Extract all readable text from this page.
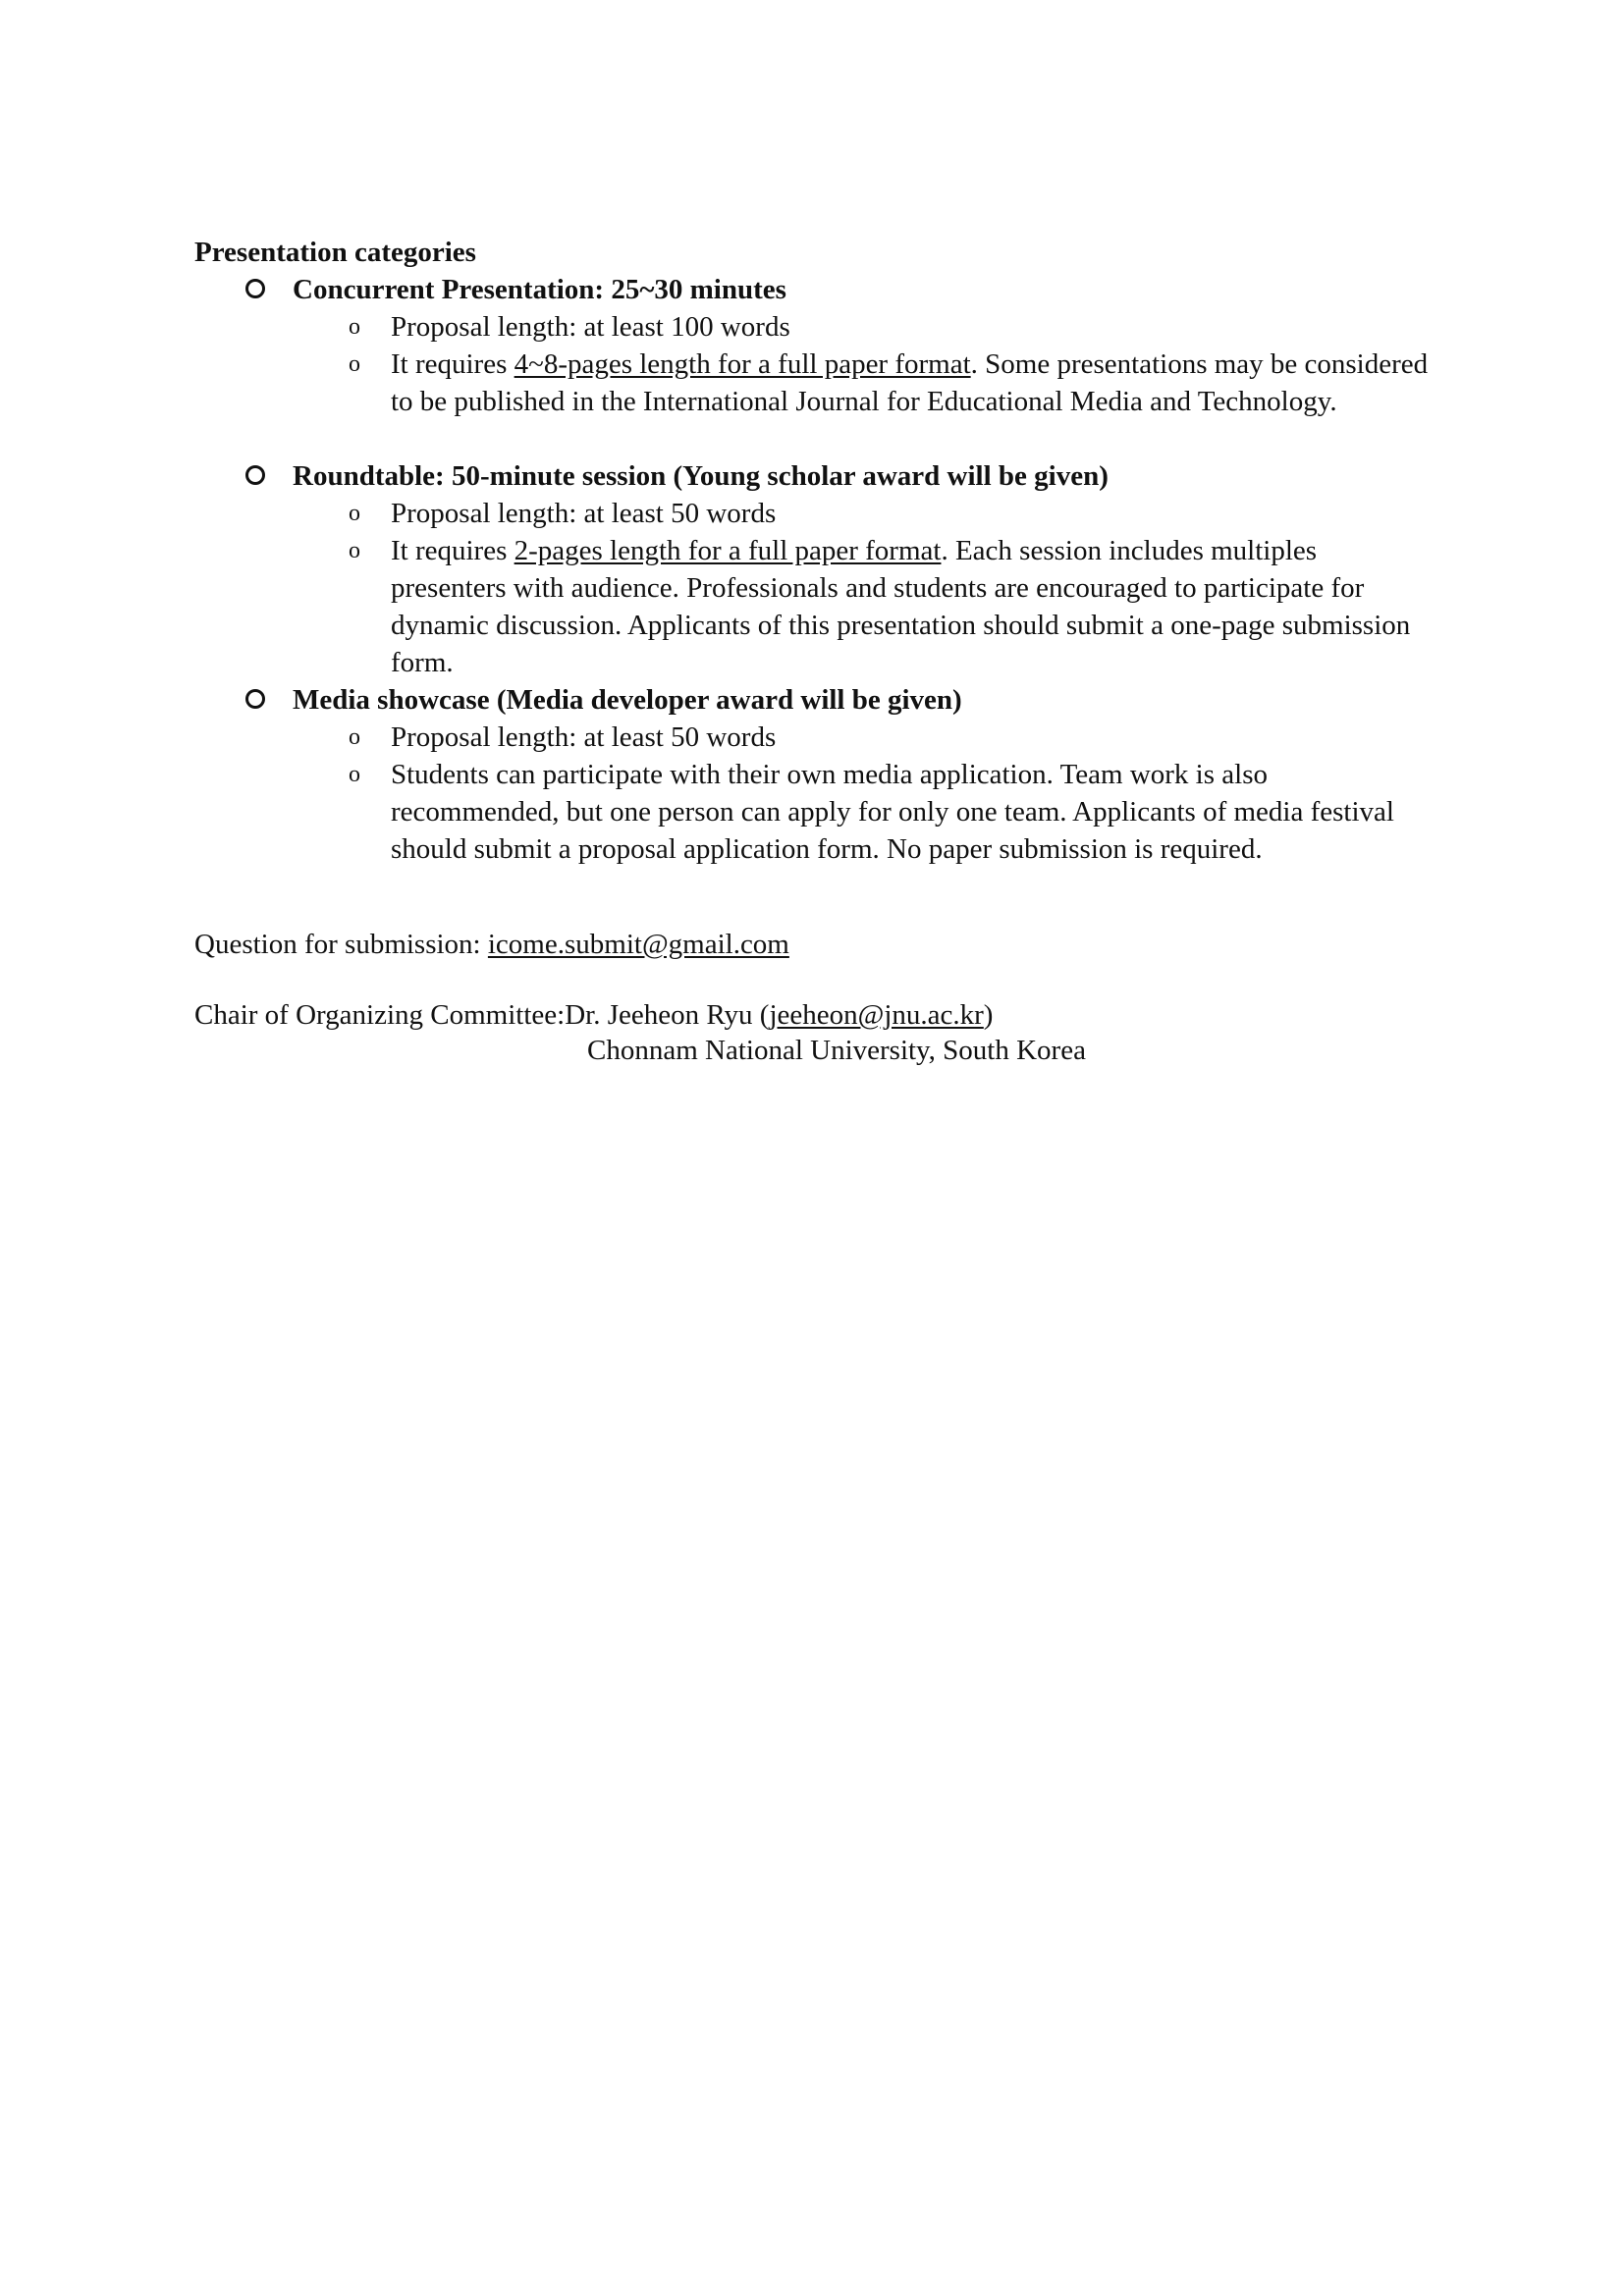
Presentation categories
Concurrent Presentation: 25~30 minutes
o Proposal length: at least 100 words
o It requires 4~8-pages length for a full paper format. Some presentations may be considered to be published in the International Journal for Educational Media and Technology.
Roundtable: 50-minute session (Young scholar award will be given)
o Proposal length: at least 50 words
o It requires 2-pages length for a full paper format. Each session includes multiples presenters with audience. Professionals and students are encouraged to participate for dynamic discussion. Applicants of this presentation should submit a one-page submission form.
Media showcase (Media developer award will be given)
o Proposal length: at least 50 words
o Students can participate with their own media application. Team work is also recommended, but one person can apply for only one team. Applicants of media festival should submit a proposal application form. No paper submission is required.
Question for submission: icome.submit@gmail.com
Chair of Organizing Committee:Dr. Jeeheon Ryu (jeeheon@jnu.ac.kr)
Chonnam National University, South Korea
